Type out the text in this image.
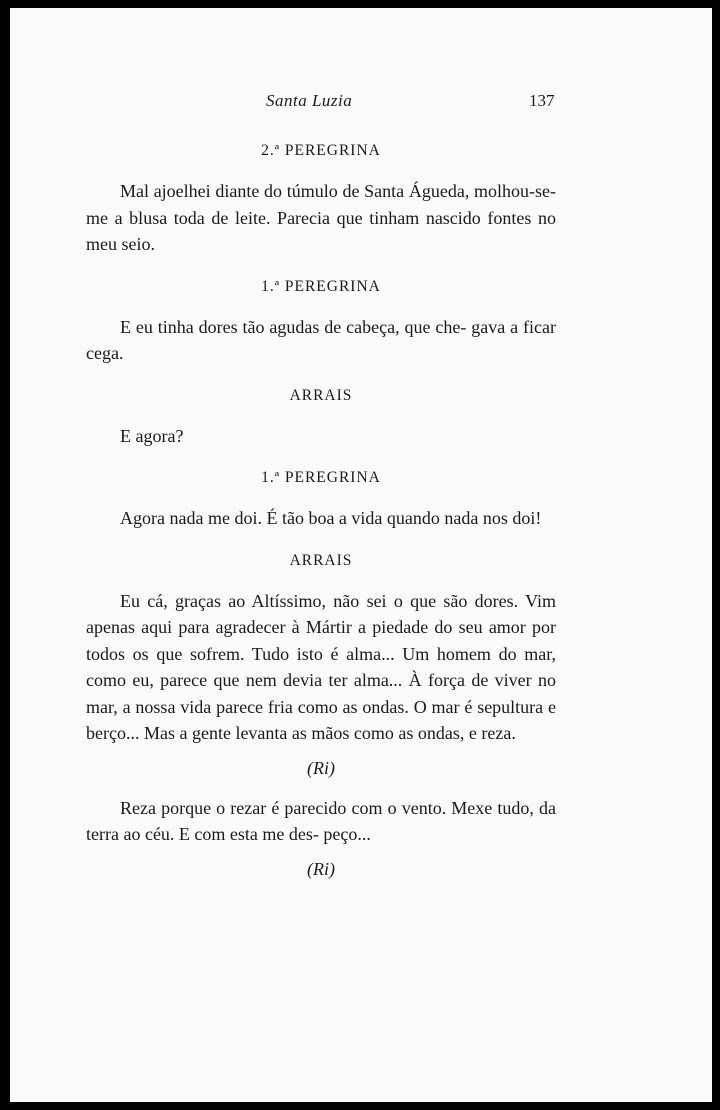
Santa Luzia	137
2.ª PEREGRINA

Mal ajoelhei diante do túmulo de Santa Águeda, molhou-se-me a blusa toda de leite. Parecia que tinham nascido fontes no meu seio.

1.ª PEREGRINA

E eu tinha dores tão agudas de cabeça, que che- gava a ficar cega.

ARRAIS

E agora?

1.ª PEREGRINA

Agora nada me doi. É tão boa a vida quando nada nos doi!

ARRAIS

Eu cá, graças ao Altíssimo, não sei o que são dores. Vim apenas aqui para agradecer à Mártir a piedade do seu amor por todos os que sofrem. Tudo isto é alma... Um homem do mar, como eu, parece que nem devia ter alma... À força de viver no mar, a nossa vida parece fria como as ondas. O mar é sepultura e berço... Mas a gente levanta as mãos como as ondas, e reza.

(Ri)

Reza porque o rezar é parecido com o vento. Mexe tudo, da terra ao céu. E com esta me des- peço...

(Ri)
